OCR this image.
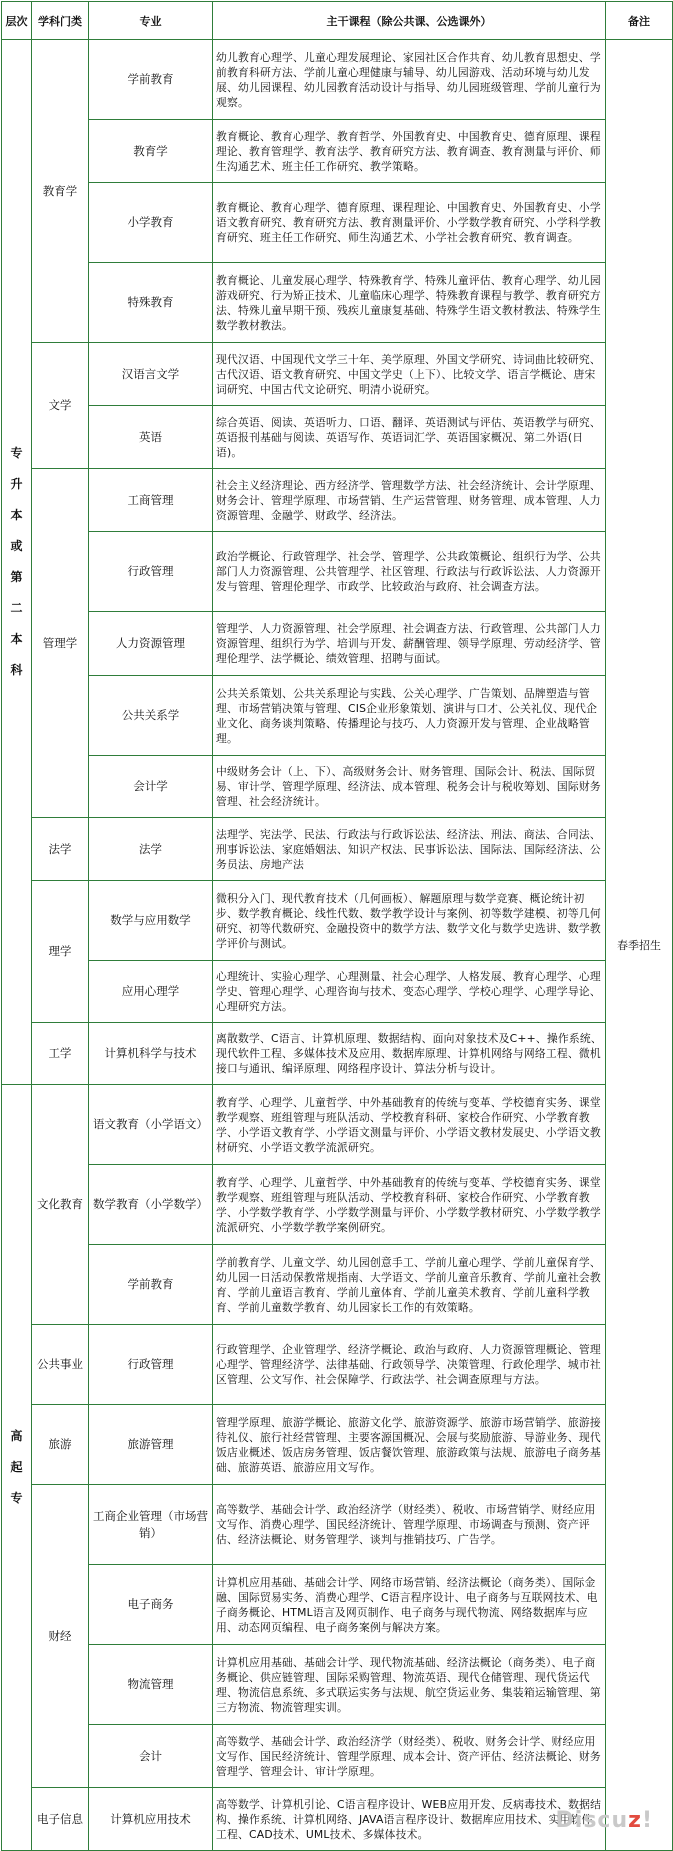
层次	学科门类	专业	主干课程（除公共课、公选课外）	备注
专升本或第二本科	教育学	学前教育	幼儿教育心理学、儿童心理发展理论、家园社区合作共育、幼儿教育思想史、学前教育科研方法、学前儿童心理健康与辅导、幼儿园游戏、活动环境与幼儿发展、幼儿园课程、幼儿园教育活动设计与指导、幼儿园班级管理、学前儿童行为观察。	春季招生
		教育学	教育概论、教育心理学、教育哲学、外国教育史、中国教育史、德育原理、课程理论、教育管理学、教育法学、教育研究方法、教育调查、教育测量与评价、师生沟通艺术、班主任工作研究、教学策略。	
		小学教育	教育概论、教育心理学、德育原理、课程理论、中国教育史、外国教育史、小学语文教育研究、教育研究方法、教育测量评价、小学数学教育研究、小学科学教育研究、班主任工作研究、师生沟通艺术、小学社会教育研究、教育调查。	
		特殊教育	教育概论、儿童发展心理学、特殊教育学、特殊儿童评估、教育心理学、幼儿园游戏研究、行为矫正技术、儿童临床心理学、特殊教育课程与教学、教育研究方法、特殊儿童早期干预、残疾儿童康复基础、特殊学生语文教材教法、特殊学生数学教材教法。	
	文学	汉语言文学	现代汉语、中国现代文学三十年、美学原理、外国文学研究、诗词曲比较研究、古代汉语、语文教育研究、中国文学史（上下）、比较文学、语言学概论、唐宋词研究、中国古代文论研究、明清小说研究。	
		英语	综合英语、阅读、英语听力、口语、翻译、英语测试与评估、英语教学与研究、英语报刊基础与阅读、英语写作、英语词汇学、英语国家概况、第二外语(日语)。	
	管理学	工商管理	社会主义经济理论、西方经济学、管理数学方法、社会经济统计、会计学原理、财务会计、管理学原理、市场营销、生产运营管理、财务管理、成本管理、人力资源管理、金融学、财政学、经济法。	
		行政管理	政治学概论、行政管理学、社会学、管理学、公共政策概论、组织行为学、公共部门人力资源管理、公共管理学、社区管理、行政法与行政诉讼法、人力资源开发与管理、管理伦理学、市政学、比较政治与政府、社会调查方法。	
		人力资源管理	管理学、人力资源管理、社会学原理、社会调查方法、行政管理、公共部门人力资源管理、组织行为学、培训与开发、薪酬管理、领导学原理、劳动经济学、管理伦理学、法学概论、绩效管理、招聘与面试。	
		公共关系学	公共关系策划、公共关系理论与实践、公关心理学、广告策划、品牌塑造与管理、市场营销决策与管理、CIS企业形象策划、演讲与口才、公关礼仪、现代企业文化、商务谈判策略、传播理论与技巧、人力资源开发与管理、企业战略管理。	
		会计学	中级财务会计（上、下）、高级财务会计、财务管理、国际会计、税法、国际贸易、审计学、管理学原理、经济法、成本管理、税务会计与税收筹划、国际财务管理、社会经济统计。	
	法学	法学	法理学、宪法学、民法、行政法与行政诉讼法、经济法、刑法、商法、合同法、刑事诉讼法、家庭婚姻法、知识产权法、民事诉讼法、国际法、国际经济法、公务员法、房地产法	
	理学	数学与应用数学	微积分入门、现代教育技术（几何画板）、解题原理与数学竞赛、概论统计初步、数学教育概论、线性代数、数学教学设计与案例、初等数学建模、初等几何研究、初等代数研究、金融投资中的数学方法、数学文化与数学史选讲、数学教学评价与测试。	
		应用心理学	心理统计、实验心理学、心理测量、社会心理学、人格发展、教育心理学、心理学史、管理心理学、心理咨询与技术、变态心理学、学校心理学、心理学导论、心理研究方法。	
	工学	计算机科学与技术	离散数学、C语言、计算机原理、数据结构、面向对象技术及C++、操作系统、现代软件工程、多媒体技术及应用、数据库原理、计算机网络与网络工程、微机接口与通讯、编译原理、网络程序设计、算法分析与设计。	
高起专	文化教育	语文教育（小学语文）	教育学、心理学、儿童哲学、中外基础教育的传统与变革、学校德育实务、课堂教学观察、班组管理与班队活动、学校教育科研、家校合作研究、小学教育教学、小学语文教育学、小学语文测量与评价、小学语文教材发展史、小学语文教材研究、小学语文教学流派研究。	
		数学教育（小学数学）	教育学、心理学、儿童哲学、中外基础教育的传统与变革、学校德育实务、课堂教学观察、班组管理与班队活动、学校教育科研、家校合作研究、小学教育教学、小学数学教育学、小学数学测量与评价、小学数学教材研究、小学数学教学流派研究、小学数学教学案例研究。	
		学前教育	学前教育学、儿童文学、幼儿园创意手工、学前儿童心理学、学前儿童保育学、幼儿园一日活动保教常规指南、大学语文、学前儿童音乐教育、学前儿童社会教育、学前儿童语言教育、学前儿童体育、学前儿童美术教育、学前儿童科学教育、学前儿童数学教育、幼儿园家长工作的有效策略。	
	公共事业	行政管理	行政管理学、企业管理学、经济学概论、政治与政府、人力资源管理概论、管理心理学、管理经济学、法律基础、行政领导学、决策管理、行政伦理学、城市社区管理、公文写作、社会保障学、行政法学、社会调查原理与方法。	
	旅游	旅游管理	管理学原理、旅游学概论、旅游文化学、旅游资源学、旅游市场营销学、旅游接待礼仪、旅行社经营管理、主要客源国概况、会展与奖励旅游、导游业务、现代饭店业概述、饭店房务管理、饭店餐饮管理、旅游政策与法规、旅游电子商务基础、旅游英语、旅游应用文写作。	
	财经	工商企业管理（市场营销）	高等数学、基础会计学、政治经济学（财经类）、税收、市场营销学、财经应用文写作、消费心理学、国民经济统计、管理学原理、市场调查与预测、资产评估、经济法概论、财务管理学、谈判与推销技巧、广告学。	
		电子商务	计算机应用基础、基础会计学、网络市场营销、经济法概论（商务类）、国际金融、国际贸易实务、消费心理学、C语言程序设计、电子商务与互联网技术、电子商务概论、HTML语言及网页制作、电子商务与现代物流、网络数据库与应用、动态网页编程、电子商务案例与解决方案。	
		物流管理	计算机应用基础、基础会计学、现代物流基础、经济法概论（商务类）、电子商务概论、供应链管理、国际采购管理、物流英语、现代仓储管理、现代货运代理、物流信息系统、多式联运实务与法规、航空货运业务、集装箱运输管理、第三方物流、物流管理实训。	
		会计	高等数学、基础会计学、政治经济学（财经类）、税收、财务会计学、财经应用文写作、国民经济统计、管理学原理、成本会计、资产评估、经济法概论、财务管理学、管理会计、审计学原理。	
	电子信息	计算机应用技术	高等数学、计算机引论、C语言程序设计、WEB应用开发、反病毒技术、数据结构、操作系统、计算机网络、JAVA语言程序设计、数据库应用技术、实用软件工程、CAD技术、UML技术、多媒体技术。	
Discuz!
